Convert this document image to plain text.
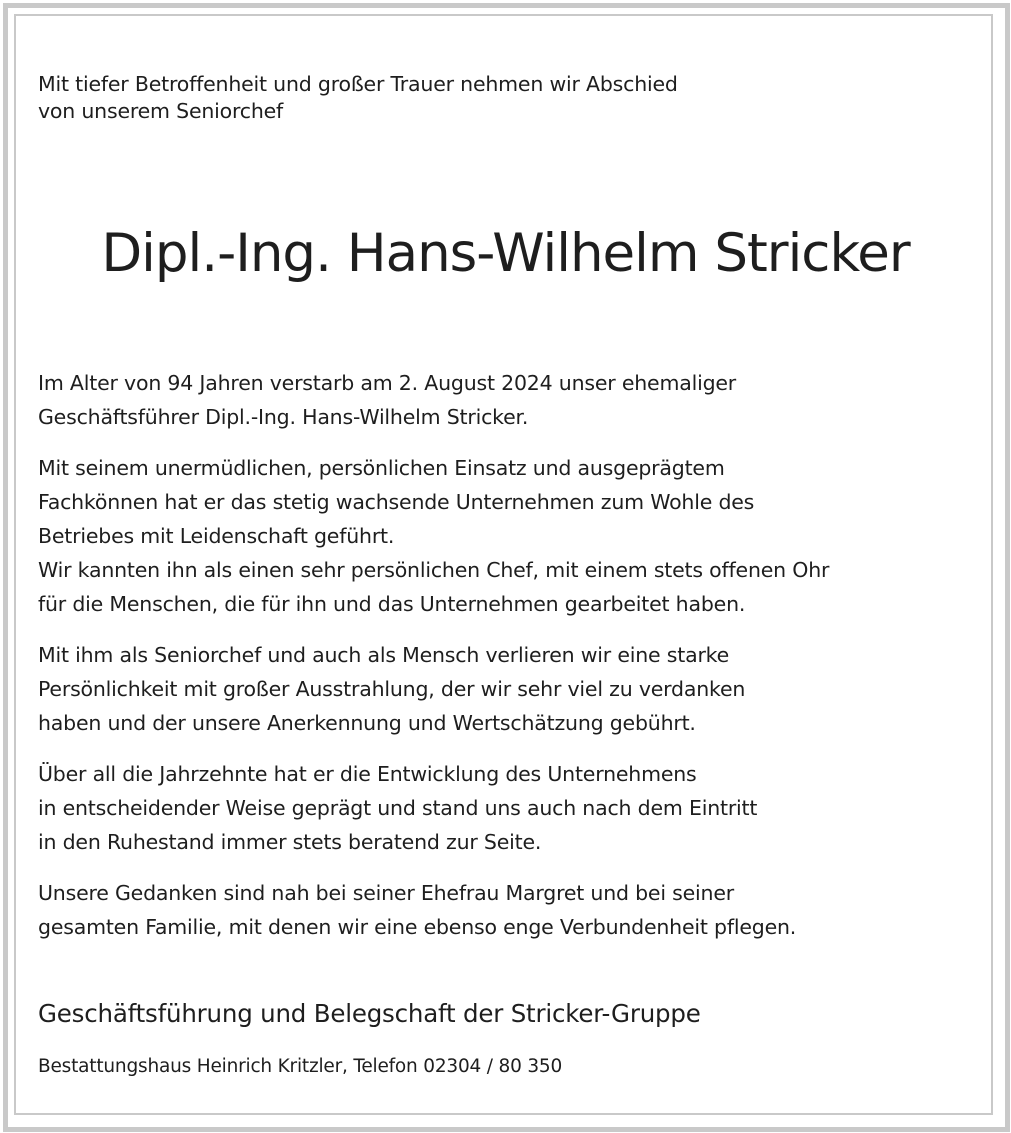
Mit tiefer Betroffenheit und großer Trauer nehmen wir Abschied
von unserem Seniorchef
Dipl.-Ing. Hans-Wilhelm Stricker

Im Alter von 94 Jahren verstarb am 2. August 2024 unser ehemaliger
Geschäftsführer Dipl.-Ing. Hans-Wilhelm Stricker.

Mit seinem unermüdlichen, persönlichen Einsatz und ausgeprägtem
Fachkönnen hat er das stetig wachsende Unternehmen zum Wohle des
Betriebes mit Leidenschaft geführt.
Wir kannten ihn als einen sehr persönlichen Chef, mit einem stets offenen Ohr
für die Menschen, die für ihn und das Unternehmen gearbeitet haben.

Mit ihm als Seniorchef und auch als Mensch verlieren wir eine starke
Persönlichkeit mit großer Ausstrahlung, der wir sehr viel zu verdanken
haben und der unsere Anerkennung und Wertschätzung gebührt.

Über all die Jahrzehnte hat er die Entwicklung des Unternehmens
in entscheidender Weise geprägt und stand uns auch nach dem Eintritt
in den Ruhestand immer stets beratend zur Seite.

Unsere Gedanken sind nah bei seiner Ehefrau Margret und bei seiner
gesamten Familie, mit denen wir eine ebenso enge Verbundenheit pflegen.

Geschäftsführung und Belegschaft der Stricker-Gruppe
Bestattungshaus Heinrich Kritzler, Telefon 02304 / 80 350
